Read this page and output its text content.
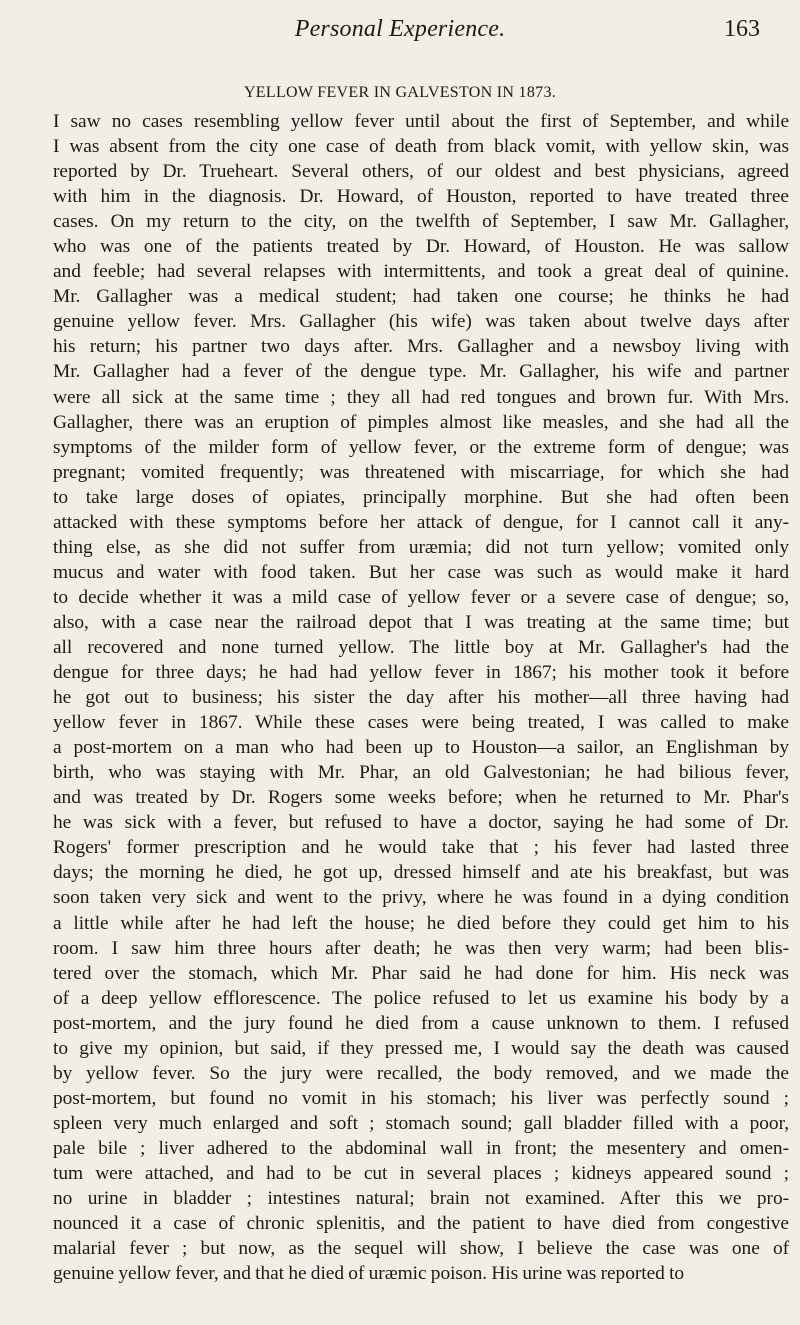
Personal Experience.	163
YELLOW FEVER IN GALVESTON IN 1873.
I saw no cases resembling yellow fever until about the first of September, and while
I was absent from the city one case of death from black vomit, with yellow skin, was
reported by Dr. Trueheart. Several others, of our oldest and best physicians, agreed
with him in the diagnosis. Dr. Howard, of Houston, reported to have treated three
cases. On my return to the city, on the twelfth of September, I saw Mr. Gallagher,
who was one of the patients treated by Dr. Howard, of Houston. He was sallow
and feeble; had several relapses with intermittents, and took a great deal of quinine.
Mr. Gallagher was a medical student; had taken one course; he thinks he had
genuine yellow fever. Mrs. Gallagher (his wife) was taken about twelve days after
his return; his partner two days after. Mrs. Gallagher and a newsboy living with
Mr. Gallagher had a fever of the dengue type. Mr. Gallagher, his wife and partner
were all sick at the same time ; they all had red tongues and brown fur. With Mrs.
Gallagher, there was an eruption of pimples almost like measles, and she had all the
symptoms of the milder form of yellow fever, or the extreme form of dengue; was
pregnant; vomited frequently; was threatened with miscarriage, for which she had
to take large doses of opiates, principally morphine. But she had often been
attacked with these symptoms before her attack of dengue, for I cannot call it any-
thing else, as she did not suffer from uræmia; did not turn yellow; vomited only
mucus and water with food taken. But her case was such as would make it hard
to decide whether it was a mild case of yellow fever or a severe case of dengue; so,
also, with a case near the railroad depot that I was treating at the same time; but
all recovered and none turned yellow. The little boy at Mr. Gallagher's had the
dengue for three days; he had had yellow fever in 1867; his mother took it before
he got out to business; his sister the day after his mother—all three having had
yellow fever in 1867. While these cases were being treated, I was called to make
a post-mortem on a man who had been up to Houston—a sailor, an Englishman by
birth, who was staying with Mr. Phar, an old Galvestonian; he had bilious fever,
and was treated by Dr. Rogers some weeks before; when he returned to Mr. Phar's
he was sick with a fever, but refused to have a doctor, saying he had some of Dr.
Rogers' former prescription and he would take that ; his fever had lasted three
days; the morning he died, he got up, dressed himself and ate his breakfast, but was
soon taken very sick and went to the privy, where he was found in a dying condition
a little while after he had left the house; he died before they could get him to his
room. I saw him three hours after death; he was then very warm; had been blis-
tered over the stomach, which Mr. Phar said he had done for him. His neck was
of a deep yellow efflorescence. The police refused to let us examine his body by a
post-mortem, and the jury found he died from a cause unknown to them. I refused
to give my opinion, but said, if they pressed me, I would say the death was caused
by yellow fever. So the jury were recalled, the body removed, and we made the
post-mortem, but found no vomit in his stomach; his liver was perfectly sound ;
spleen very much enlarged and soft ; stomach sound; gall bladder filled with a poor,
pale bile ; liver adhered to the abdominal wall in front; the mesentery and omen-
tum were attached, and had to be cut in several places ; kidneys appeared sound ;
no urine in bladder ; intestines natural; brain not examined. After this we pro-
nounced it a case of chronic splenitis, and the patient to have died from congestive
malarial fever ; but now, as the sequel will show, I believe the case was one of
genuine yellow fever, and that he died of uræmic poison. His urine was reported to
